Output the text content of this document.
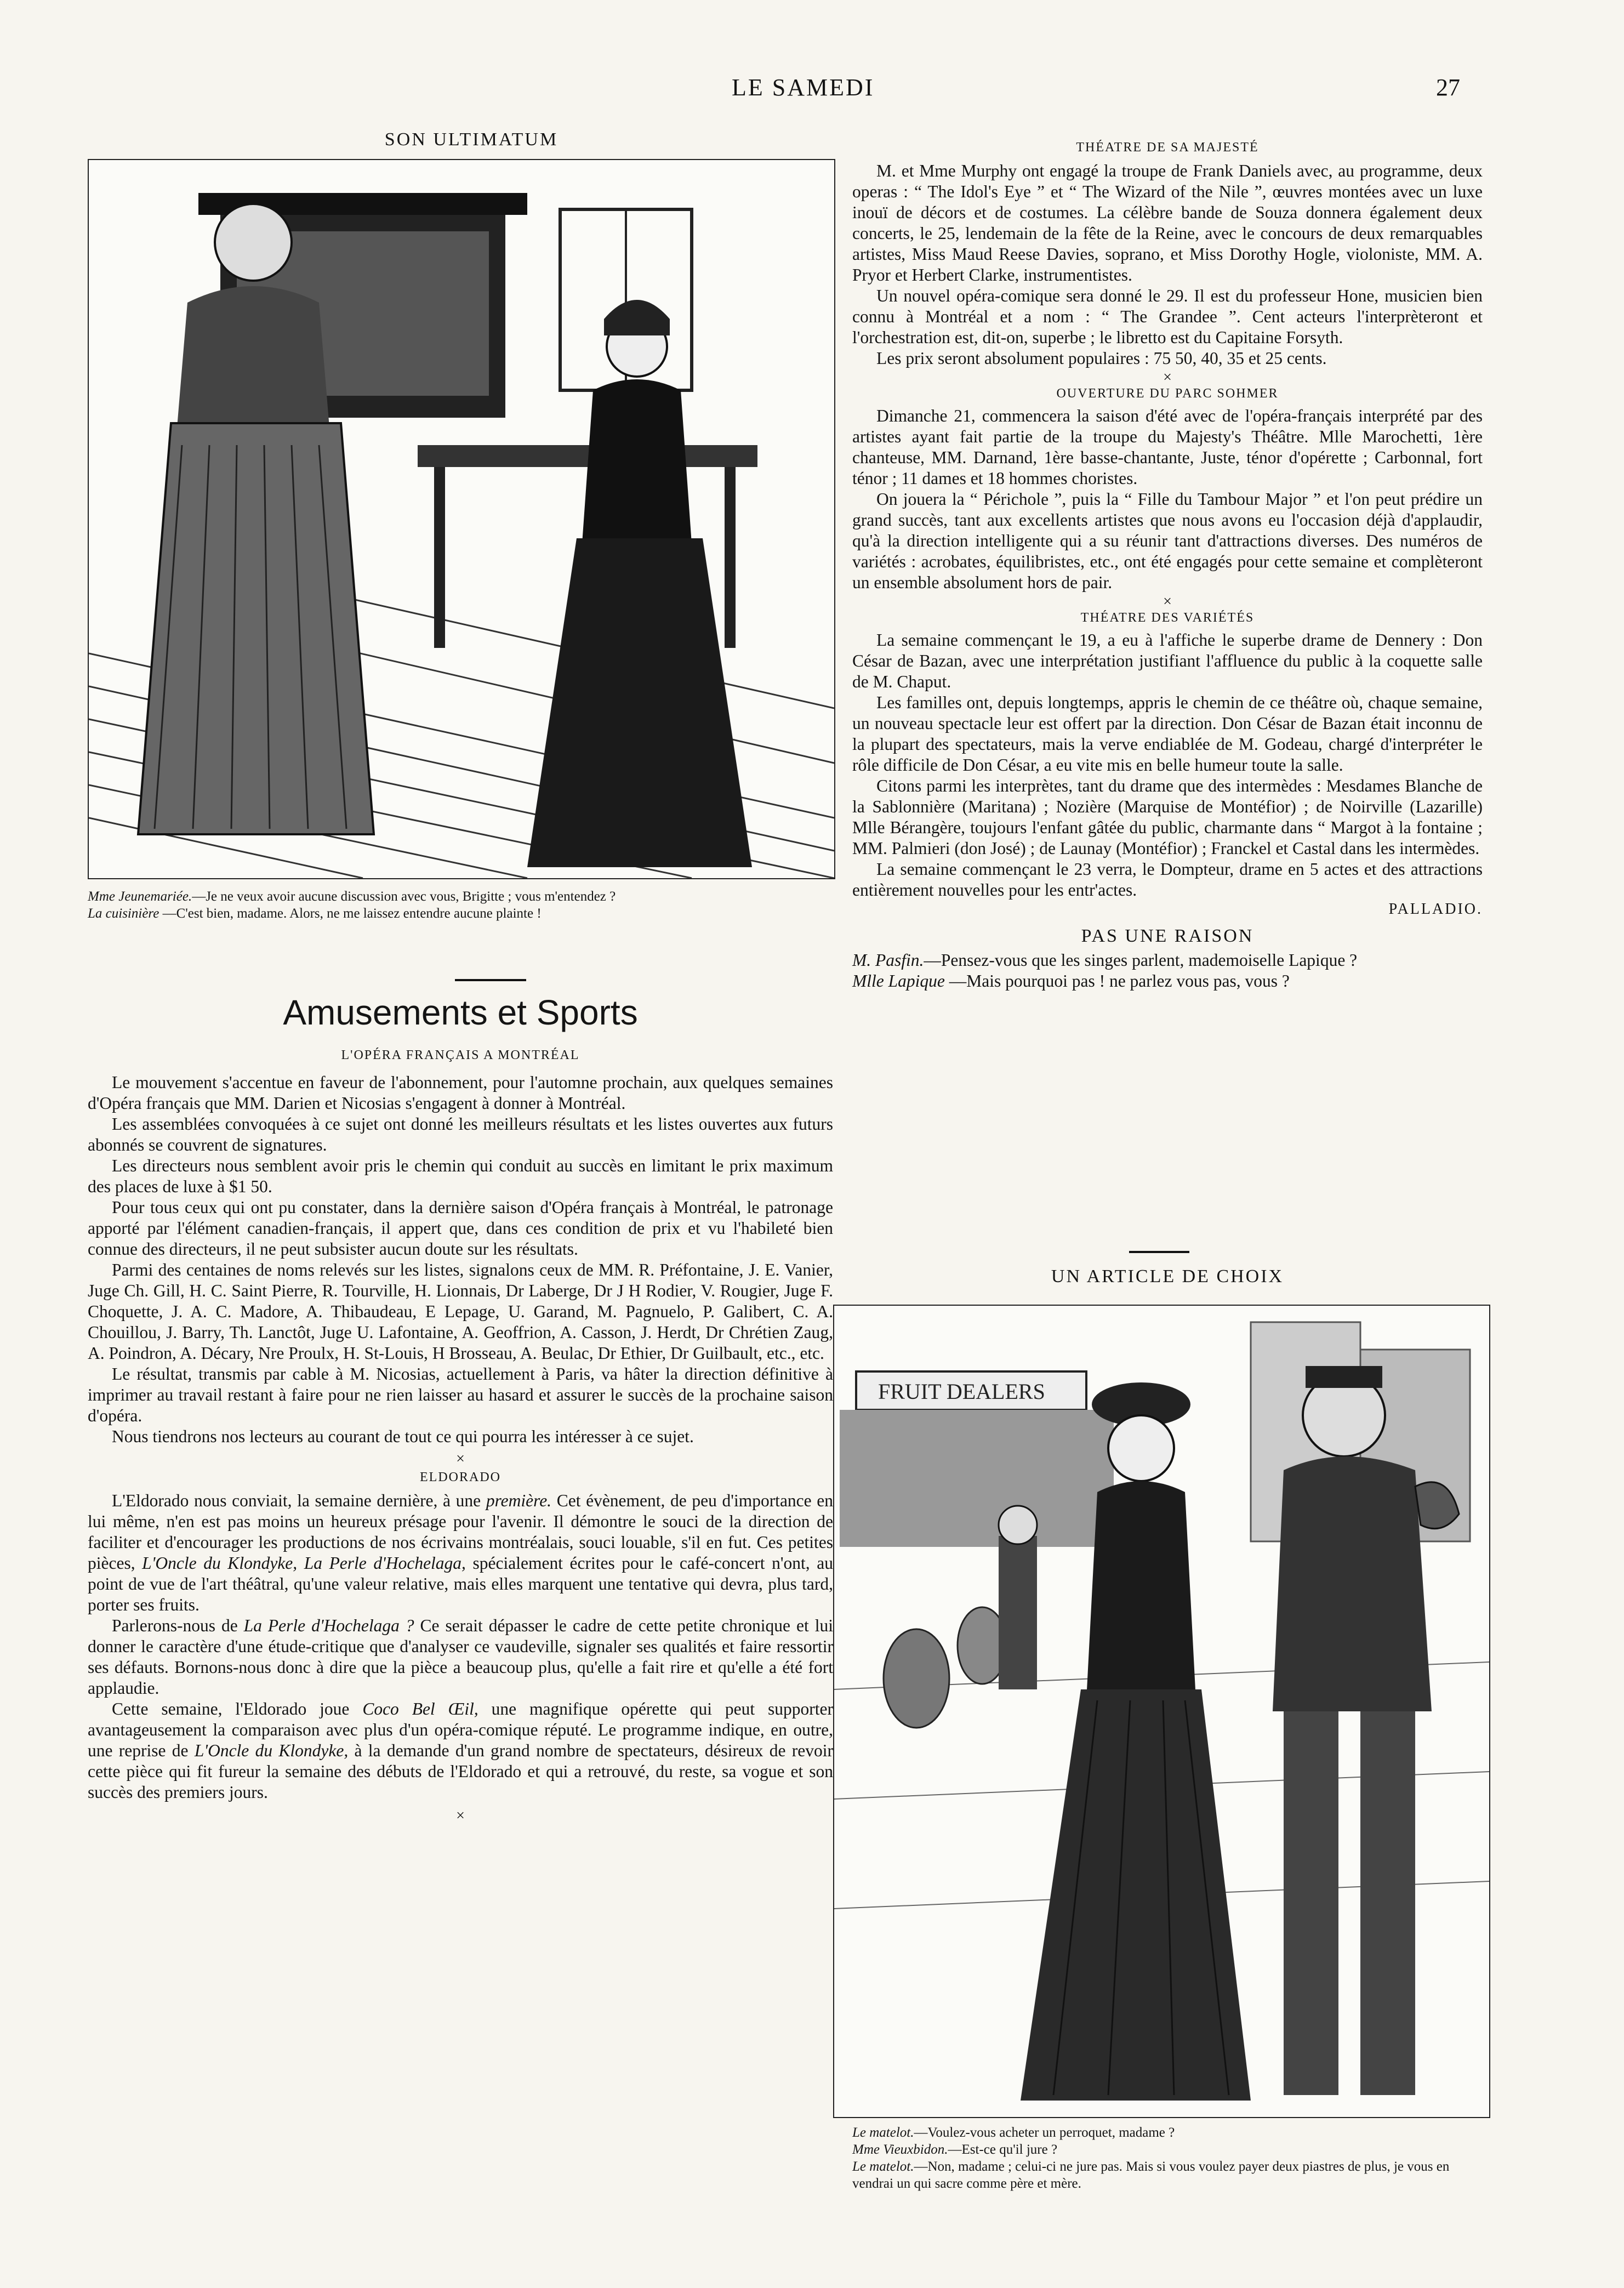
LE SAMEDI	27
SON ULTIMATUM

Mme Jeunemariée.—Je ne veux avoir aucune discussion avec vous, Brigitte ; vous m'entendez ?

La cuisinière —C'est bien, madame. Alors, ne me laissez entendre aucune plainte !

Amusements et Sports
L'OPÉRA FRANÇAIS A MONTRÉAL

Le mouvement s'accentue en faveur de l'abonnement, pour l'automne prochain, aux quelques semaines d'Opéra français que MM. Darien et Nicosias s'engagent à donner à Montréal.

Les assemblées convoquées à ce sujet ont donné les meilleurs résultats et les listes ouvertes aux futurs abonnés se couvrent de signatures.

Les directeurs nous semblent avoir pris le chemin qui conduit au succès en limitant le prix maximum des places de luxe à $1 50.

Pour tous ceux qui ont pu constater, dans la dernière saison d'Opéra français à Montréal, le patronage apporté par l'élément canadien-français, il appert que, dans ces condition de prix et vu l'habileté bien connue des directeurs, il ne peut subsister aucun doute sur les résultats.

Parmi des centaines de noms relevés sur les listes, signalons ceux de MM. R. Préfontaine, J. E. Vanier, Juge Ch. Gill, H. C. Saint Pierre, R. Tourville, H. Lionnais, Dr Laberge, Dr J H Rodier, V. Rougier, Juge F. Choquette, J. A. C. Madore, A. Thibaudeau, E Lepage, U. Garand, M. Pagnuelo, P. Galibert, C. A. Chouillou, J. Barry, Th. Lanctôt, Juge U. Lafontaine, A. Geoffrion, A. Casson, J. Herdt, Dr Chrétien Zaug, A. Poindron, A. Décary, Nre Proulx, H. St-Louis, H Brosseau, A. Beulac, Dr Ethier, Dr Guilbault, etc., etc.

Le résultat, transmis par cable à M. Nicosias, actuellement à Paris, va hâter la direction définitive à imprimer au travail restant à faire pour ne rien laisser au hasard et assurer le succès de la prochaine saison d'opéra.

Nous tiendrons nos lecteurs au courant de tout ce qui pourra les intéresser à ce sujet.

×
ELDORADO

L'Eldorado nous conviait, la semaine dernière, à une première. Cet évènement, de peu d'importance en lui même, n'en est pas moins un heureux présage pour l'avenir. Il démontre le souci de la direction de faciliter et d'encourager les productions de nos écrivains montréalais, souci louable, s'il en fut. Ces petites pièces, L'Oncle du Klondyke, La Perle d'Hochelaga, spécialement écrites pour le café-concert n'ont, au point de vue de l'art théâtral, qu'une valeur relative, mais elles marquent une tentative qui devra, plus tard, porter ses fruits.

Parlerons-nous de La Perle d'Hochelaga ? Ce serait dépasser le cadre de cette petite chronique et lui donner le caractère d'une étude-critique que d'analyser ce vaudeville, signaler ses qualités et faire ressortir ses défauts. Bornons-nous donc à dire que la pièce a beaucoup plus, qu'elle a fait rire et qu'elle a été fort applaudie.

Cette semaine, l'Eldorado joue Coco Bel Œil, une magnifique opérette qui peut supporter avantageusement la comparaison avec plus d'un opéra-comique réputé. Le programme indique, en outre, une reprise de L'Oncle du Klondyke, à la demande d'un grand nombre de spectateurs, désireux de revoir cette pièce qui fit fureur la semaine des débuts de l'Eldorado et qui a retrouvé, du reste, sa vogue et son succès des premiers jours.

×
THÉATRE DE SA MAJESTÉ

M. et Mme Murphy ont engagé la troupe de Frank Daniels avec, au programme, deux operas : “ The Idol's Eye ” et “ The Wizard of the Nile ”, œuvres montées avec un luxe inouï de décors et de costumes. La célèbre bande de Souza donnera également deux concerts, le 25, lendemain de la fête de la Reine, avec le concours de deux remarquables artistes, Miss Maud Reese Davies, soprano, et Miss Dorothy Hogle, violoniste, MM. A. Pryor et Herbert Clarke, instrumentistes.

Un nouvel opéra-comique sera donné le 29. Il est du professeur Hone, musicien bien connu à Montréal et a nom : “ The Grandee ”. Cent acteurs l'interprèteront et l'orchestration est, dit-on, superbe ; le libretto est du Capitaine Forsyth.

Les prix seront absolument populaires : 75 50, 40, 35 et 25 cents.

×
OUVERTURE DU PARC SOHMER

Dimanche 21, commencera la saison d'été avec de l'opéra-français interprété par des artistes ayant fait partie de la troupe du Majesty's Théâtre. Mlle Marochetti, 1ère chanteuse, MM. Darnand, 1ère basse-chantante, Juste, ténor d'opérette ; Carbonnal, fort ténor ; 11 dames et 18 hommes choristes.

On jouera la “ Périchole ”, puis la “ Fille du Tambour Major ” et l'on peut prédire un grand succès, tant aux excellents artistes que nous avons eu l'occasion déjà d'applaudir, qu'à la direction intelligente qui a su réunir tant d'attractions diverses. Des numéros de variétés : acrobates, équilibristes, etc., ont été engagés pour cette semaine et complèteront un ensemble absolument hors de pair.

×
THÉATRE DES VARIÉTÉS

La semaine commençant le 19, a eu à l'affiche le superbe drame de Dennery : Don César de Bazan, avec une interprétation justifiant l'affluence du public à la coquette salle de M. Chaput.

Les familles ont, depuis longtemps, appris le chemin de ce théâtre où, chaque semaine, un nouveau spectacle leur est offert par la direction. Don César de Bazan était inconnu de la plupart des spectateurs, mais la verve endiablée de M. Godeau, chargé d'interpréter le rôle difficile de Don César, a eu vite mis en belle humeur toute la salle.

Citons parmi les interprètes, tant du drame que des intermèdes : Mesdames Blanche de la Sablonnière (Maritana) ; Nozière (Marquise de Montéfior) ; de Noirville (Lazarille) Mlle Bérangère, toujours l'enfant gâtée du public, charmante dans “ Margot à la fontaine ; MM. Palmieri (don José) ; de Launay (Montéfior) ; Franckel et Castal dans les intermèdes.

La semaine commençant le 23 verra, le Dompteur, drame en 5 actes et des attractions entièrement nouvelles pour les entr'actes.

PALLADIO.
PAS UNE RAISON

M. Pasfin.—Pensez-vous que les singes parlent, mademoiselle Lapique ?

Mlle Lapique —Mais pourquoi pas ! ne parlez vous pas, vous ?

UN ARTICLE DE CHOIX
FRUIT DEALERS

Le matelot.—Voulez-vous acheter un perroquet, madame ?

Mme Vieuxbidon.—Est-ce qu'il jure ?

Le matelot.—Non, madame ; celui-ci ne jure pas. Mais si vous voulez payer deux piastres de plus, je vous en vendrai un qui sacre comme père et mère.
